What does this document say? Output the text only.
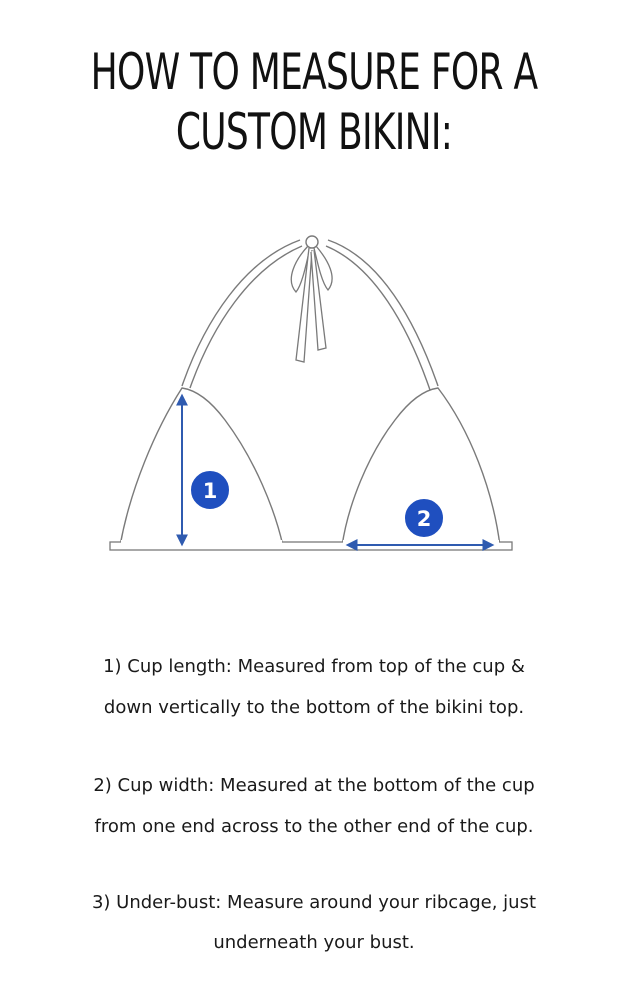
HOW TO MEASURE FOR A
CUSTOM BIKINI:
1
2
1) Cup length: Measured from top of the cup &
down vertically to the bottom of the bikini top.
2) Cup width: Measured at the bottom of the cup
from one end across to the other end of the cup.
3) Under-bust: Measure around your ribcage, just
underneath your bust.
